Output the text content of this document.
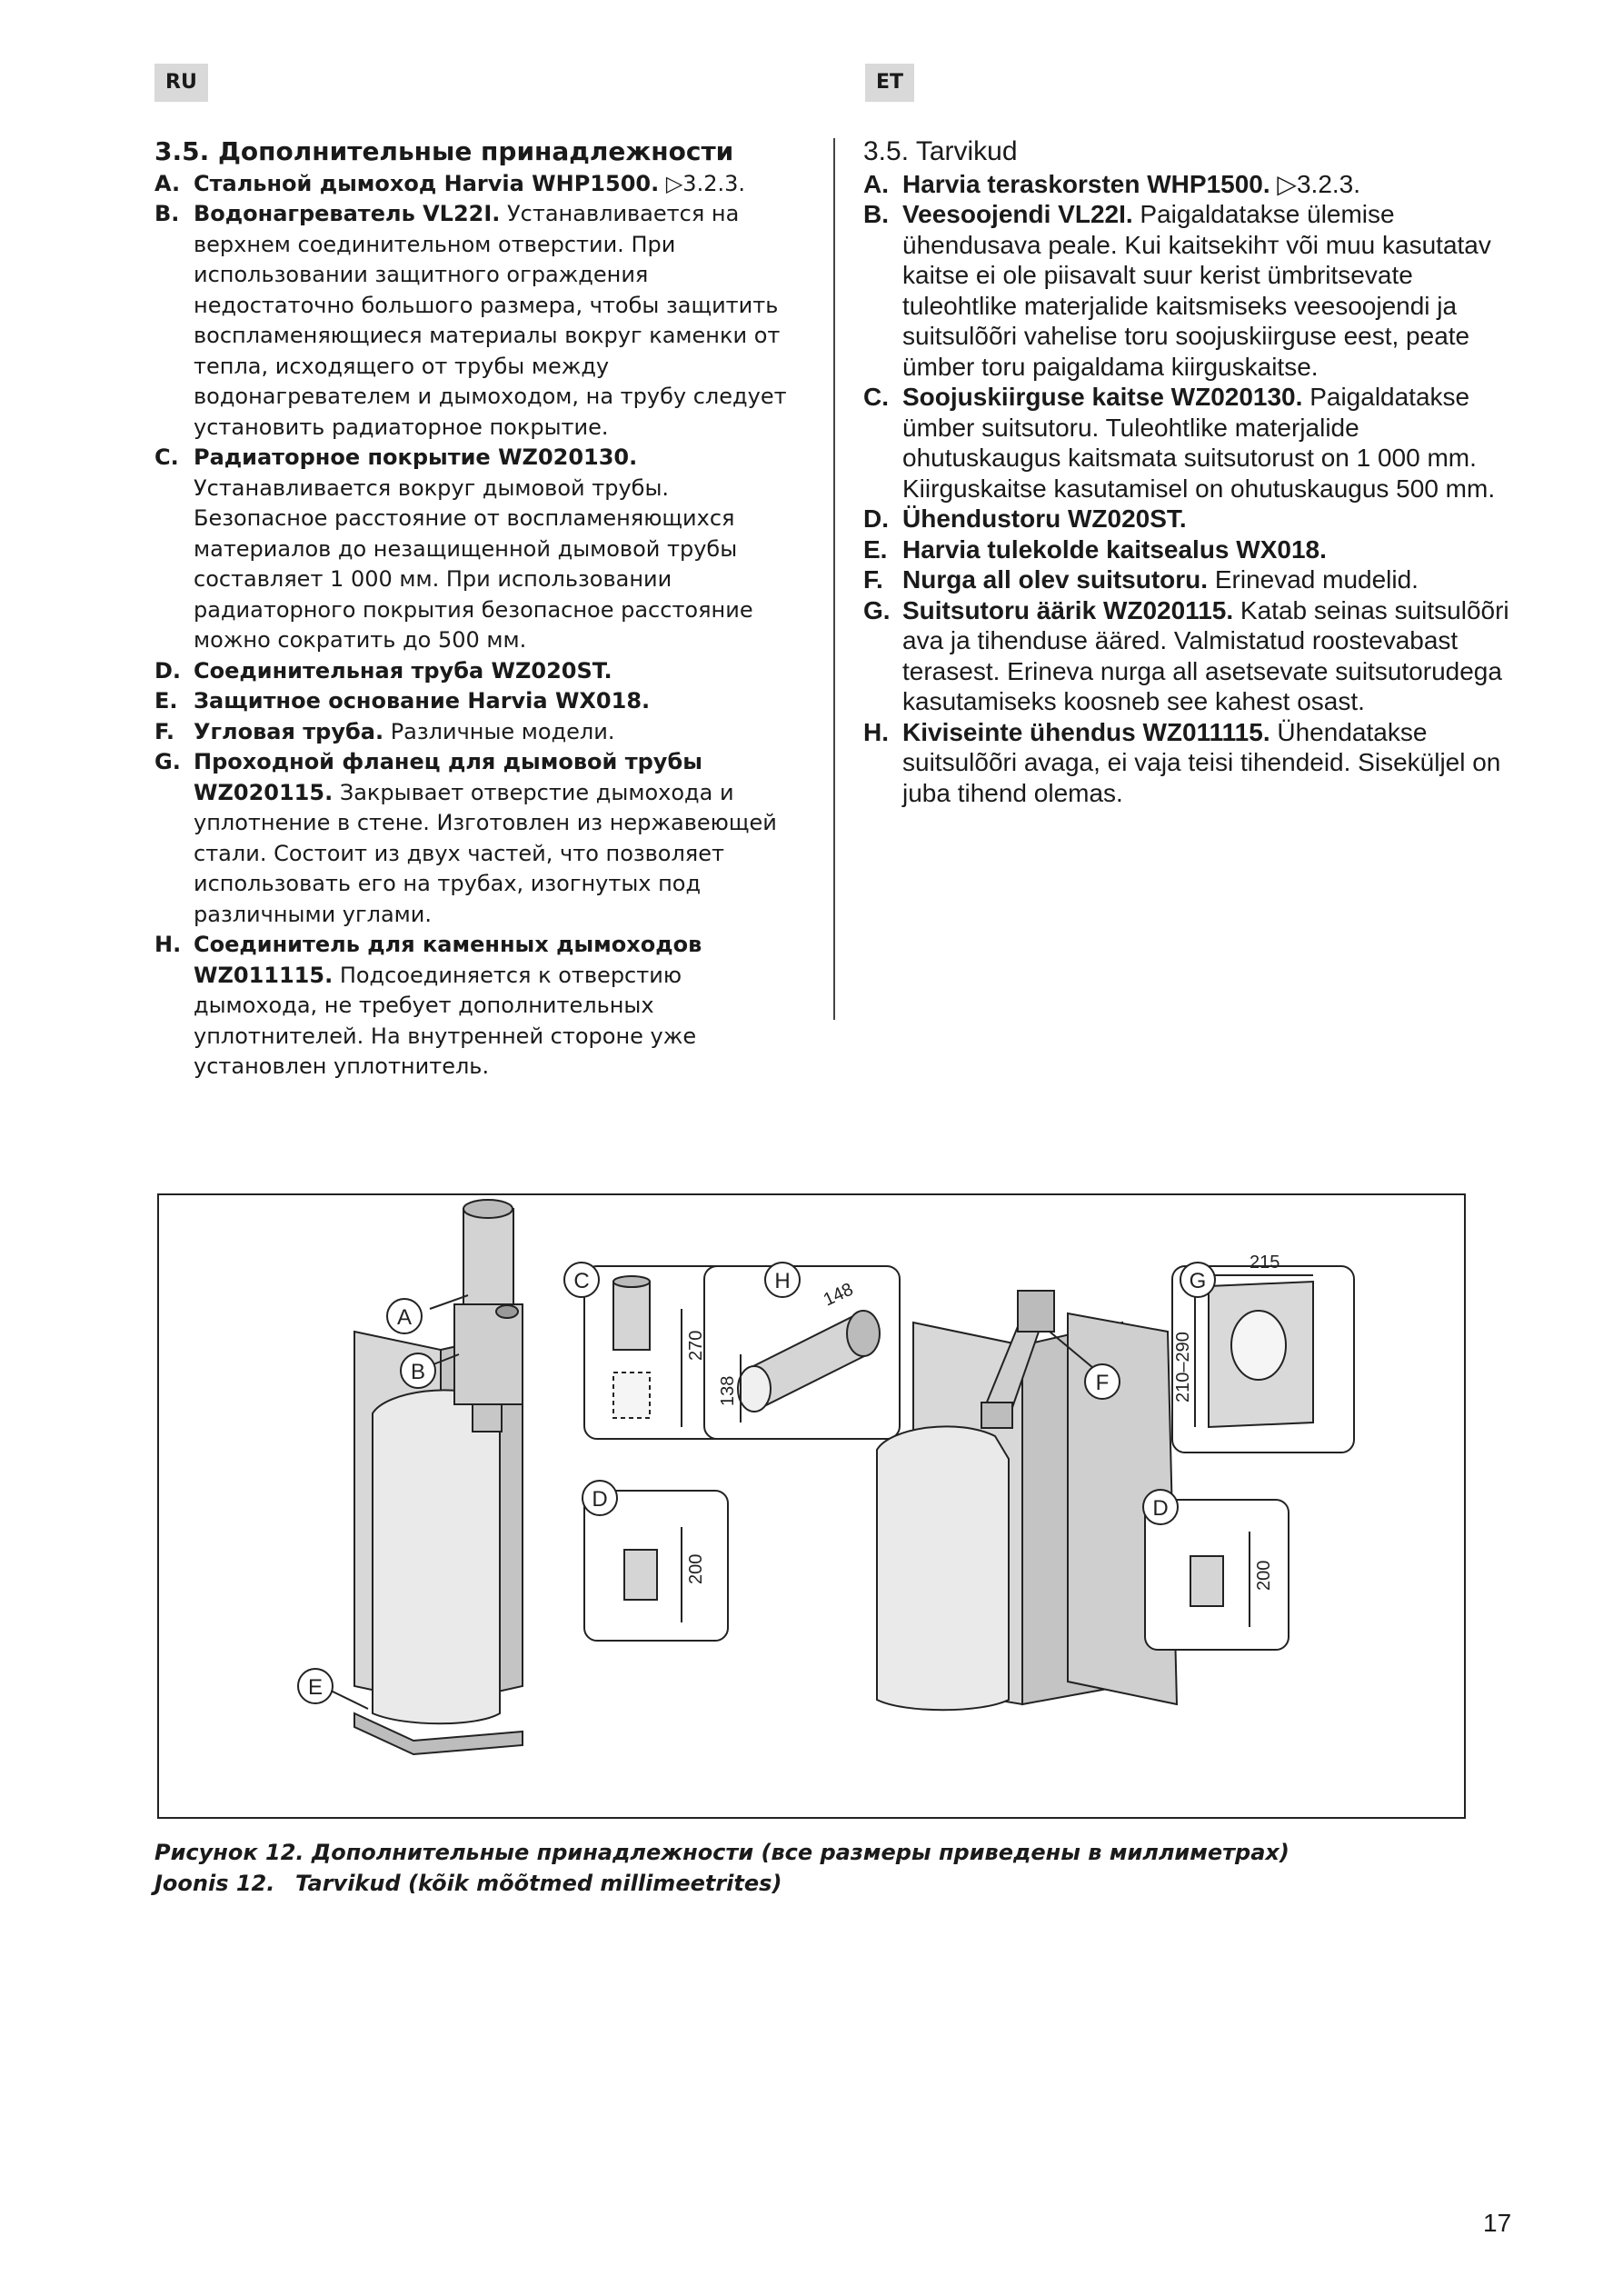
RU	ET
3.5. Дополнительные принадлежности
A. Стальной дымоход Harvia WHP1500. ▷3.2.3.
B. Водонагреватель VL22I. Устанавливается на верхнем соединительном отверстии. При использовании защитного ограждения недостаточно большого размера, чтобы защитить воспламеняющиеся материалы вокруг каменки от тепла, исходящего от трубы между водонагревателем и дымоходом, на трубу следует установить радиаторное покрытие.
C. Радиаторное покрытие WZ020130. Устанавливается вокруг дымовой трубы. Безопасное расстояние от воспламеняющихся материалов до незащищенной дымовой трубы составляет 1 000 мм. При использовании радиаторного покрытия безопасное расстояние можно сократить до 500 мм.
D. Соединительная труба WZ020ST.
E. Защитное основание Harvia WX018.
F. Угловая труба. Различные модели.
G. Проходной фланец для дымовой трубы WZ020115. Закрывает отверстие дымохода и уплотнение в стене. Изготовлен из нержавеющей стали. Состоит из двух частей, что позволяет использовать его на трубах, изогнутых под различными углами.
H. Соединитель для каменных дымоходов WZ011115. Подсоединяется к отверстию дымохода, не требует дополнительных уплотнителей. На внутренней стороне уже установлен уплотнитель.
3.5. Tarvikud
A. Harvia teraskorsten WHP1500. ▷3.2.3.
B. Veesoojendi VL22I. Paigaldatakse ülemise ühendusava peale. Kui kaitsekihт või muu kasutatav kaitse ei ole piisavalt suur kerist ümbritsevate tuleohtlike materjalide kaitsmiseks veesoojendi ja suitsulõõri vahelise toru soojuskiirguse eest, peate ümber toru paigaldama kiirguskaitse.
C. Soojuskiirguse kaitse WZ020130. Paigaldatakse ümber suitsutoru. Tuleohtlike materjalide ohutuskaugus kaitsmata suitsutorust on 1 000 mm. Kiirguskaitse kasutamisel on ohutuskaugus 500 mm.
D. Ühendustoru WZ020ST.
E. Harvia tulekolde kaitsealus WX018.
F. Nurga all olev suitsutoru. Erinevad mudelid.
G. Suitsutoru äärik WZ020115. Katab seinas suitsulõõri ava ja tihenduse ääred. Valmistatud roostevabast terasest. Erineva nurga all asetsevate suitsutorudega kasutamiseks koosneb see kahest osast.
H. Kiviseinte ühendus WZ011115. Ühendatakse suitsulõõri avaga, ei vaja teisi tihendeid. Siseküljel on juba tihend olemas.
A
B
C
D
E
H
F
G
D
270
200
148
138
215
210–290
200
Рисунок 12. Дополнительные принадлежности (все размеры приведены в миллиметрах)
Joonis 12. Tarvikud (kõik mõõtmed millimeetrites)
17
